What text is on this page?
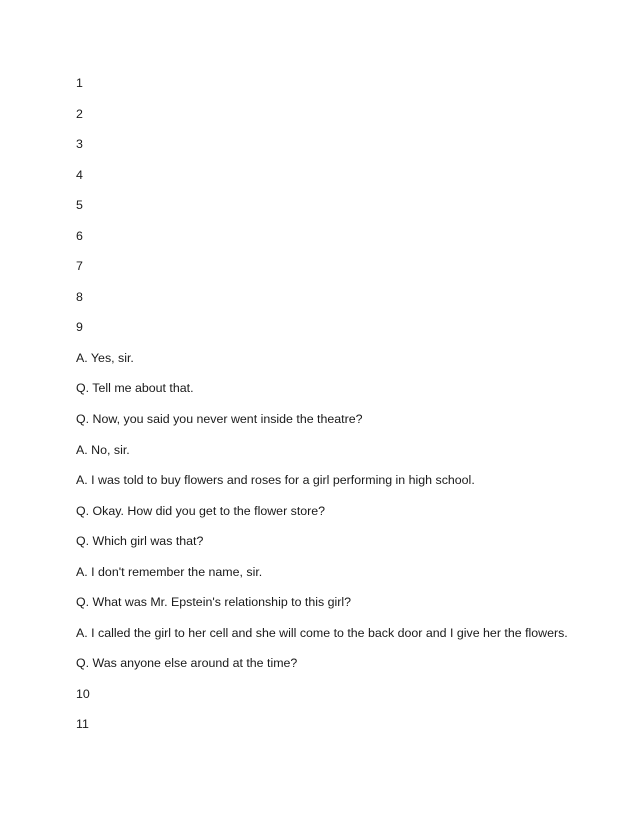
1
2
3
4
5
6
7
8
9
A. Yes, sir.
Q. Tell me about that.
Q. Now, you said you never went inside the theatre?
A. No, sir.
A. I was told to buy flowers and roses for a girl performing in high school.
Q. Okay. How did you get to the flower store?
Q. Which girl was that?
A. I don't remember the name, sir.
Q. What was Mr. Epstein's relationship to this girl?
A. I called the girl to her cell and she will come to the back door and I give her the flowers.
Q. Was anyone else around at the time?
10
11
